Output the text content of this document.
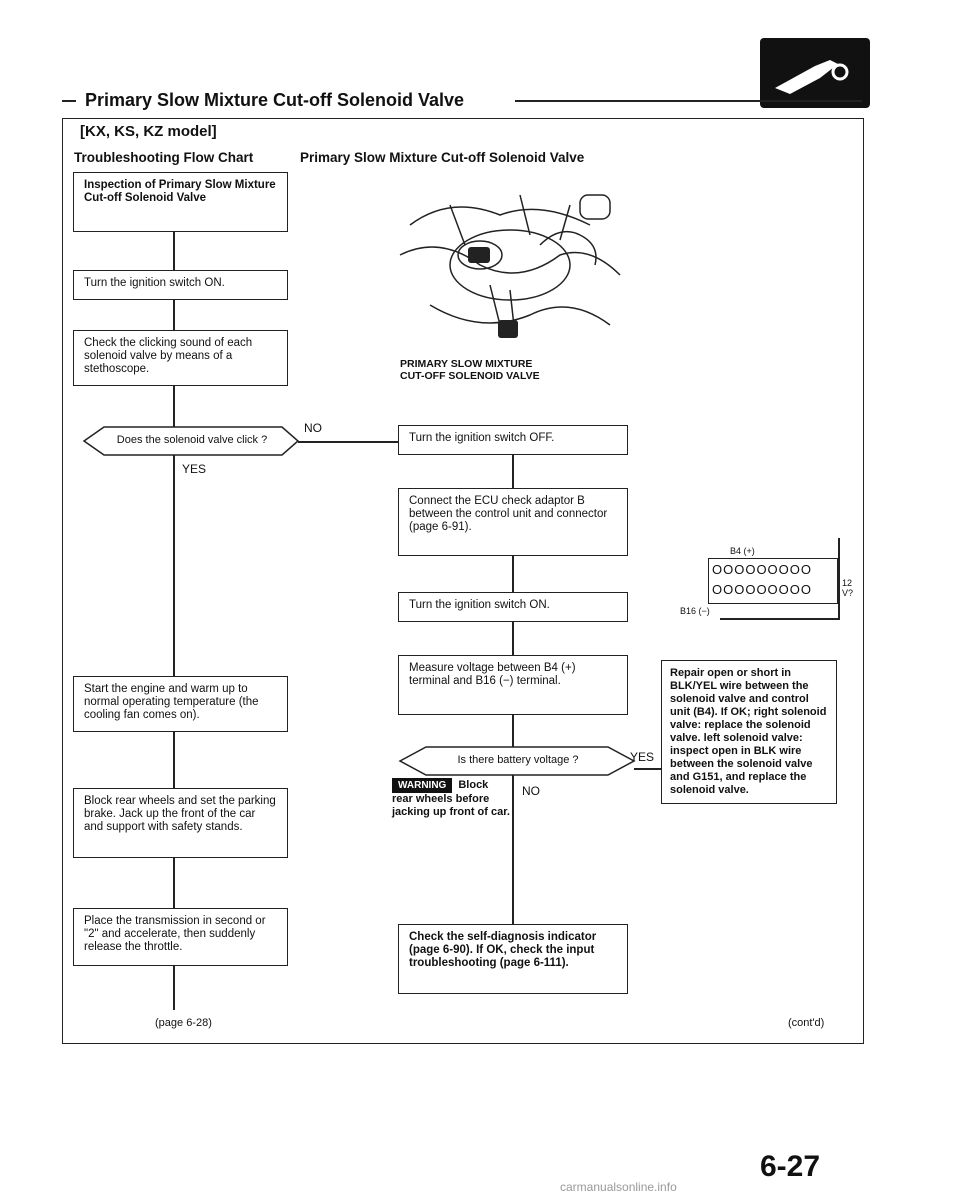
Primary Slow Mixture Cut-off Solenoid Valve
[KX, KS, KZ model]
Troubleshooting Flow Chart	Primary Slow Mixture Cut-off Solenoid Valve
PRIMARY SLOW MIXTURE
CUT-OFF SOLENOID VALVE
Inspection of Primary Slow Mixture Cut-off Solenoid Valve
Turn the ignition switch ON.
Check the clicking sound of each solenoid valve by means of a stethoscope.
Does the solenoid valve click ?
YES
NO
Start the engine and warm up to normal operating temperature (the cooling fan comes on).
Block rear wheels and set the parking brake. Jack up the front of the car and support with safety stands.
Place the transmission in second or "2" and accelerate, then suddenly release the throttle.
(page 6-28)
Turn the ignition switch OFF.
Connect the ECU check adaptor B between the control unit and connector (page 6-91).
Turn the ignition switch ON.
Measure voltage between B4 (+) terminal and B16 (−) terminal.
Is there battery voltage ?	YES
NO
Check the self-diagnosis indicator (page 6-90). If OK, check the input troubleshooting (page 6-111).
WARNING Block
rear wheels before
jacking up front of car.
B4 (+)
B16 (−)
OOOOOOOOO
OOOOOOOOO	12 V?
Repair open or short in BLK/YEL wire between the solenoid valve and control unit (B4). If OK; right solenoid valve: replace the solenoid valve. left solenoid valve: inspect open in BLK wire between the solenoid valve and G151, and replace the solenoid valve.
(cont'd)
6-27
carmanualsonline.info
